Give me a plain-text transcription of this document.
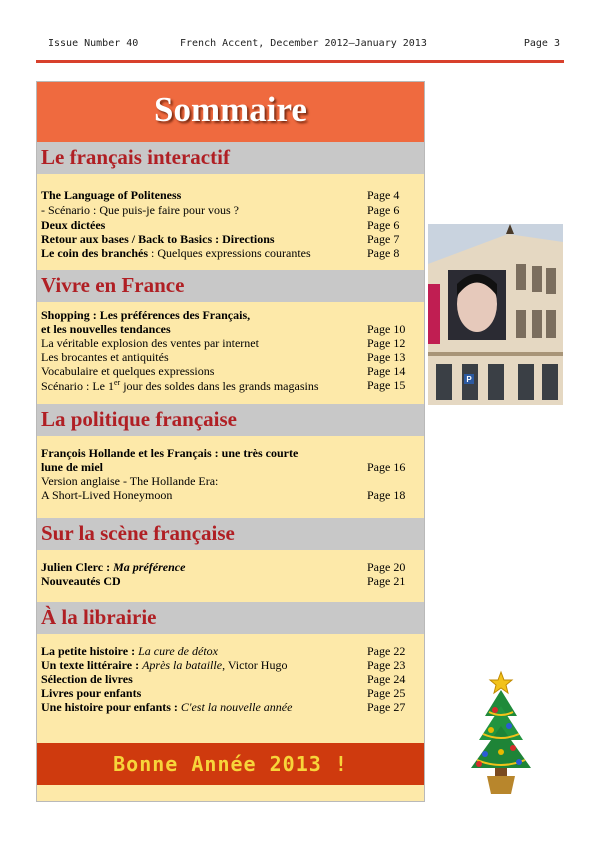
Issue Number 40	French Accent, December 2012—January 2013	Page 3
Sommaire
Le français interactif
The Language of Politeness	Page 4
- Scénario : Que puis-je faire pour vous ?	Page 6
Deux dictées	Page 6
Retour aux bases / Back to Basics : Directions	Page 7
Le coin des branchés : Quelques expressions courantes	Page 8
Vivre en France
Shopping : Les préférences des Français,
et les nouvelles tendances	Page 10
La véritable explosion des ventes par internet	Page 12
Les brocantes et antiquités	Page 13
Vocabulaire et quelques expressions	Page 14
Scénario : Le 1er jour des soldes dans les grands magasins	Page 15
La politique française
François Hollande et les Français : une très courte
lune de miel	Page 16
Version anglaise - The Hollande Era:
A Short-Lived Honeymoon	Page 18
Sur la scène française
Julien Clerc : Ma préférence	Page 20
Nouveautés CD	Page 21
À la librairie
La petite histoire : La cure de détox	Page 22
Un texte littéraire : Après la bataille, Victor Hugo	Page 23
Sélection de livres	Page 24
Livres pour enfants	Page 25
Une histoire pour enfants : C'est la nouvelle année	Page 27
Bonne Année 2013 !
P
